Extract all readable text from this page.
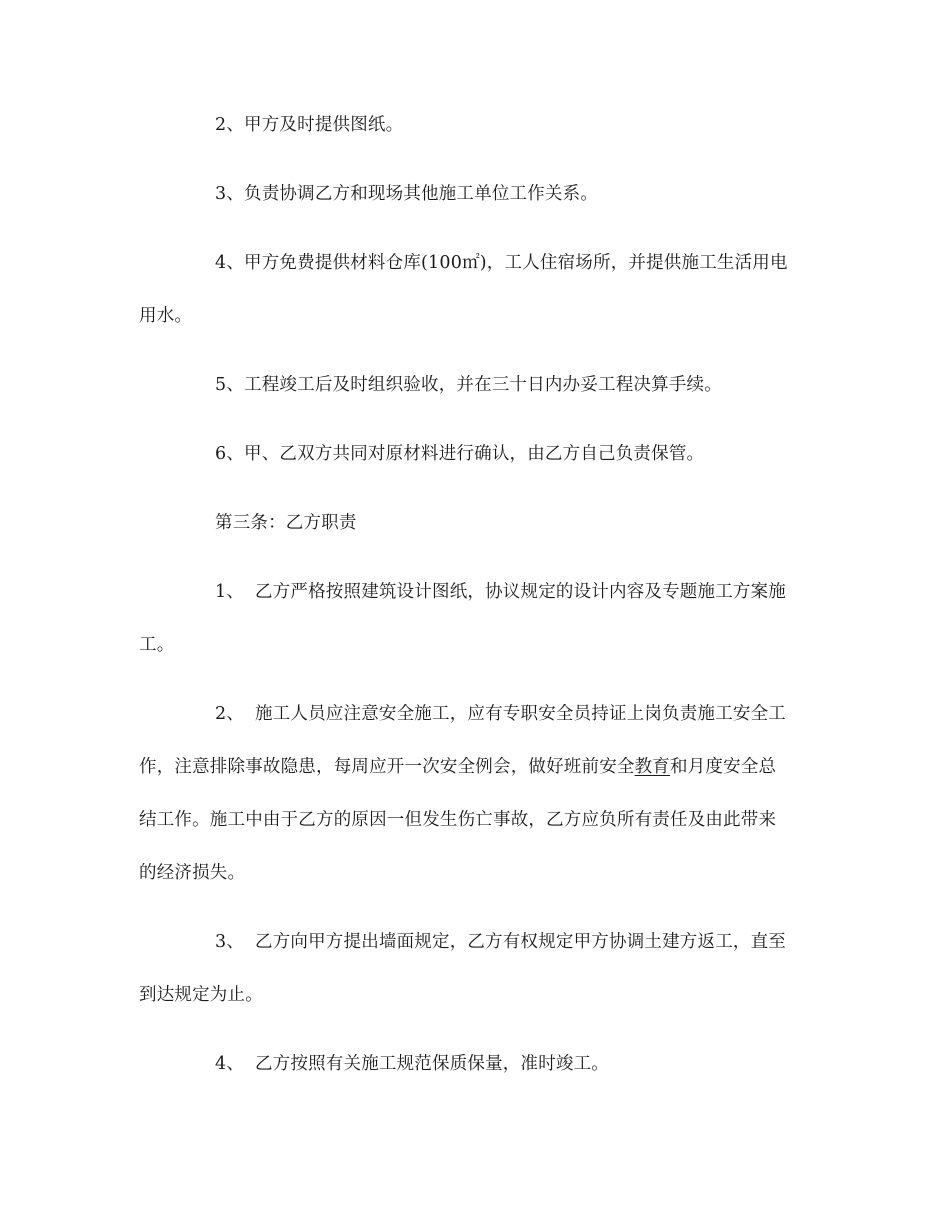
2、甲方及时提供图纸。
3、负责协调乙方和现场其他施工单位工作关系。
4、甲方免费提供材料仓库(100㎡)，工人住宿场所，并提供施工生活用电
用水。
5、工程竣工后及时组织验收，并在三十日内办妥工程决算手续。
6、甲、乙双方共同对原材料进行确认，由乙方自己负责保管。
第三条：乙方职责
1、 乙方严格按照建筑设计图纸，协议规定的设计内容及专题施工方案施
工。
2、 施工人员应注意安全施工，应有专职安全员持证上岗负责施工安全工
作，注意排除事故隐患，每周应开一次安全例会，做好班前安全教育和月度安全总
结工作。施工中由于乙方的原因一但发生伤亡事故，乙方应负所有责任及由此带来
的经济损失。
3、 乙方向甲方提出墙面规定，乙方有权规定甲方协调土建方返工，直至
到达规定为止。
4、 乙方按照有关施工规范保质保量，准时竣工。
